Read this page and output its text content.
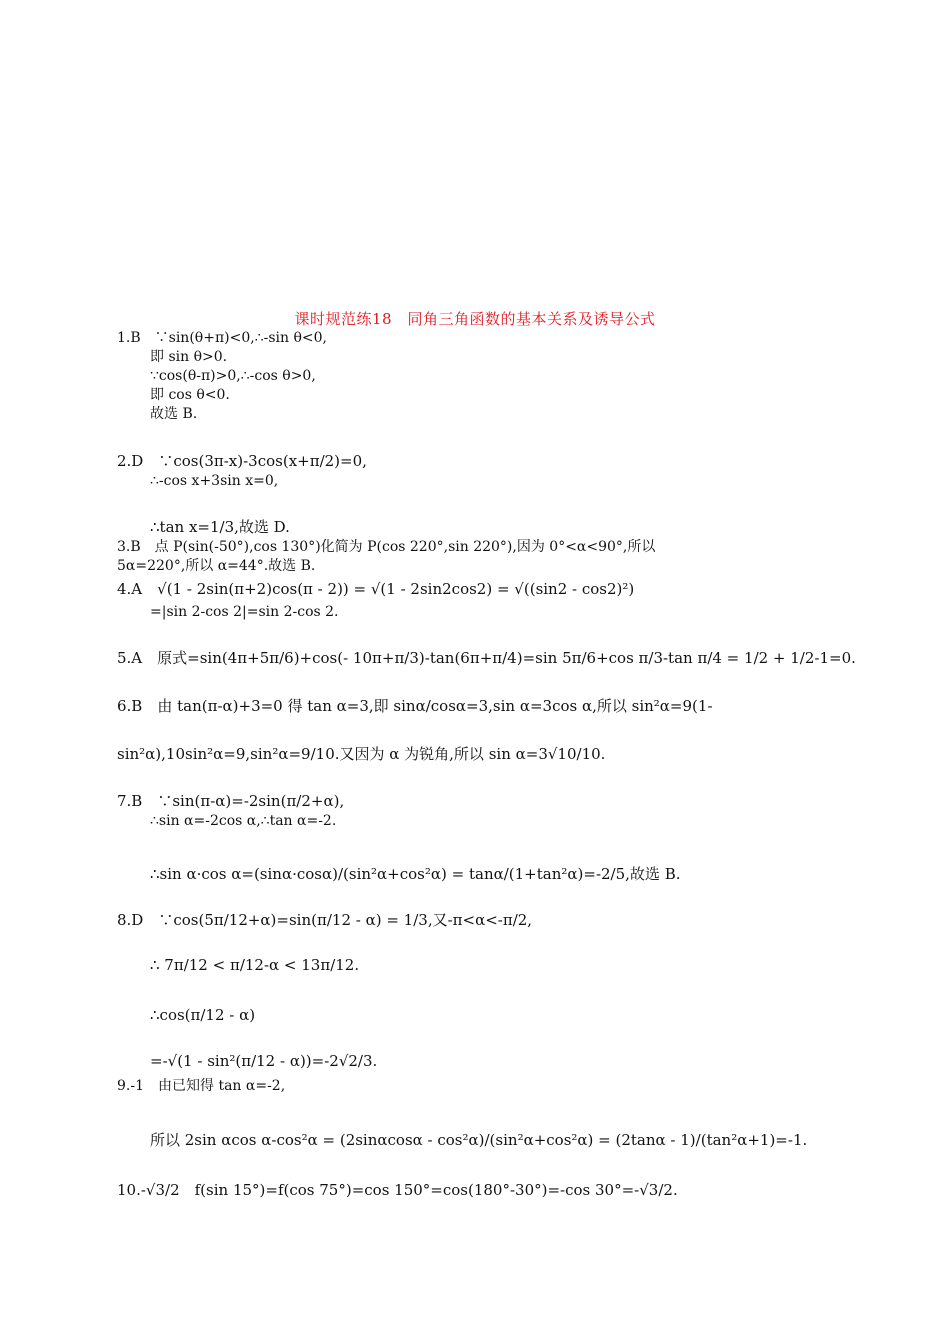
课时规范练18　同角三角函数的基本关系及诱导公式
1.B　∵sin(θ+π)<0,∴-sin θ<0,
即 sin θ>0.
∵cos(θ-π)>0,∴-cos θ>0,
即 cos θ<0.
故选 B.
2.D　∵cos(3π-x)-3cos(x+π/2)=0,
∴-cos x+3sin x=0,
∴tan x=1/3,故选 D.
3.B　点 P(sin(-50°),cos 130°)化简为 P(cos 220°,sin 220°),因为 0°<α<90°,所以
5α=220°,所以 α=44°.故选 B.
4.A　√(1 - 2sin(π+2)cos(π - 2)) = √(1 - 2sin2cos2) = √((sin2 - cos2)²)
=|sin 2-cos 2|=sin 2-cos 2.
5.A　原式=sin(4π+5π/6)+cos(- 10π+π/3)-tan(6π+π/4)=sin 5π/6+cos π/3-tan π/4 = 1/2 + 1/2-1=0.
6.B　由 tan(π-α)+3=0 得 tan α=3,即 sinα/cosα=3,sin α=3cos α,所以 sin²α=9(1-
sin²α),10sin²α=9,sin²α=9/10.又因为 α 为锐角,所以 sin α=3√10/10.
7.B　∵sin(π-α)=-2sin(π/2+α),
∴sin α=-2cos α,∴tan α=-2.
∴sin α·cos α=(sinα·cosα)/(sin²α+cos²α) = tanα/(1+tan²α)=-2/5,故选 B.
8.D　∵cos(5π/12+α)=sin(π/12 - α) = 1/3,又-π<α<-π/2,
∴ 7π/12 < π/12-α < 13π/12.
∴cos(π/12 - α)
=-√(1 - sin²(π/12 - α))=-2√2/3.
9.-1　由已知得 tan α=-2,
所以 2sin αcos α-cos²α = (2sinαcosα - cos²α)/(sin²α+cos²α) = (2tanα - 1)/(tan²α+1)=-1.
10.-√3/2　f(sin 15°)=f(cos 75°)=cos 150°=cos(180°-30°)=-cos 30°=-√3/2.
